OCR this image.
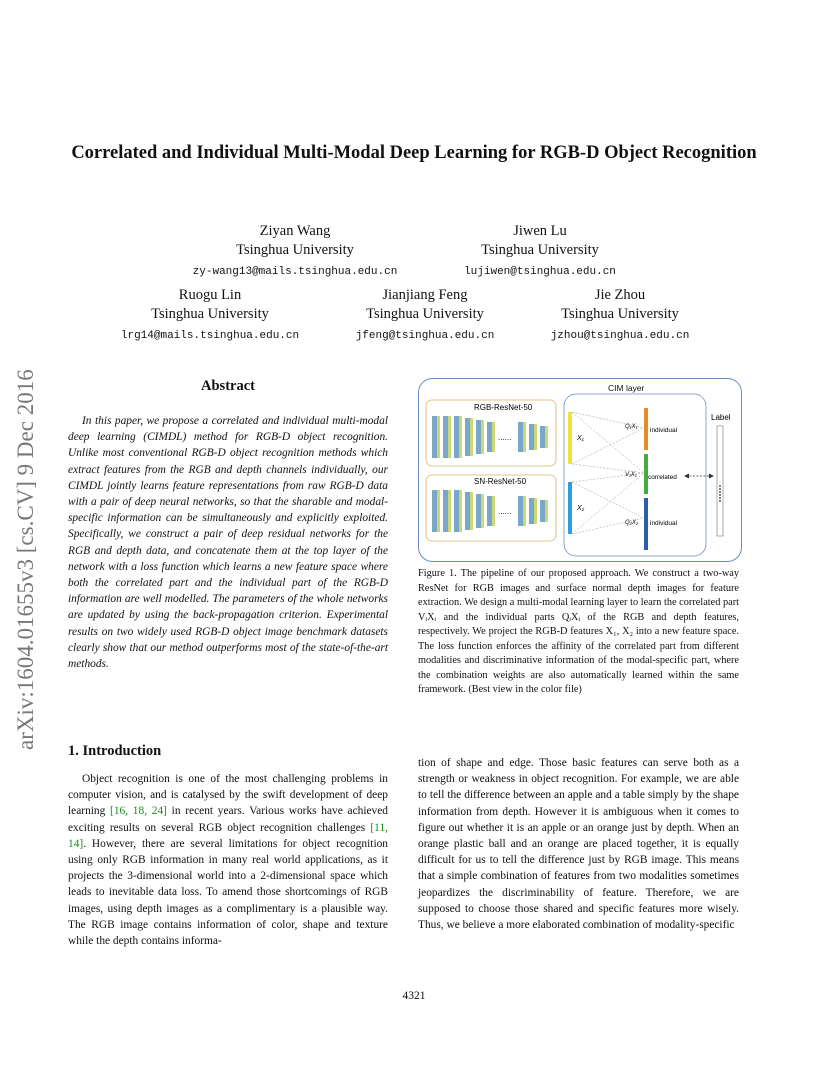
arXiv:1604.01655v3 [cs.CV] 9 Dec 2016
Correlated and Individual Multi-Modal Deep Learning for RGB-D Object Recognition
Ziyan Wang
Tsinghua University
zy-wang13@mails.tsinghua.edu.cn
Jiwen Lu
Tsinghua University
lujiwen@tsinghua.edu.cn
Ruogu Lin
Tsinghua University
lrg14@mails.tsinghua.edu.cn
Jianjiang Feng
Tsinghua University
jfeng@tsinghua.edu.cn
Jie Zhou
Tsinghua University
jzhou@tsinghua.edu.cn
Abstract
In this paper, we propose a correlated and individual multi-modal deep learning (CIMDL) method for RGB-D object recognition. Unlike most conventional RGB-D object recognition methods which extract features from the RGB and depth channels individually, our CIMDL jointly learns feature representations from raw RGB-D data with a pair of deep neural networks, so that the sharable and modal-specific information can be simultaneously and explicitly exploited. Specifically, we construct a pair of deep residual networks for the RGB and depth data, and concatenate them at the top layer of the network with a loss function which learns a new feature space where both the correlated part and the individual part of the RGB-D information are well modelled. The parameters of the whole networks are updated by using the back-propagation criterion. Experimental results on two widely used RGB-D object image benchmark datasets clearly show that our method outperforms most of the state-of-the-art methods.
CIM layer
RGB-ResNet-50
......
SN-ResNet-50
......
X₁
X₂
Q₁X₁
V₁X₁
Q₂X₂
individual
correlated
individual
Label
Figure 1. The pipeline of our proposed approach. We construct a two-way ResNet for RGB images and surface normal depth images for feature extraction. We design a multi-modal learning layer to learn the correlated part VᵢXᵢ and the individual parts QᵢXᵢ of the RGB and depth features, respectively. We project the RGB-D features X₁, X₂ into a new feature space. The loss function enforces the affinity of the correlated part from different modalities and discriminative information of the modal-specific part, where the combination weights are also automatically learned within the same framework. (Best view in the color file)
1. Introduction
Object recognition is one of the most challenging problems in computer vision, and is catalysed by the swift development of deep learning [16, 18, 24] in recent years. Various works have achieved exciting results on several RGB object recognition challenges [11, 14]. However, there are several limitations for object recognition using only RGB information in many real world applications, as it projects the 3-dimensional world into a 2-dimensional space which leads to inevitable data loss. To amend those shortcomings of RGB images, using depth images as a complimentary is a plausible way. The RGB image contains information of color, shape and texture while the depth contains informa-
tion of shape and edge. Those basic features can serve both as a strength or weakness in object recognition. For example, we are able to tell the difference between an apple and a table simply by the shape information from depth. However it is ambiguous when it comes to figure out whether it is an apple or an orange just by depth. When an orange plastic ball and an orange are placed together, it is equally difficult for us to tell the difference just by RGB image. This means that a simple combination of features from two modalities sometimes jeopardizes the discriminability of feature. Therefore, we are supposed to choose those shared and specific features more wisely. Thus, we believe a more elaborated combination of modality-specific
4321
